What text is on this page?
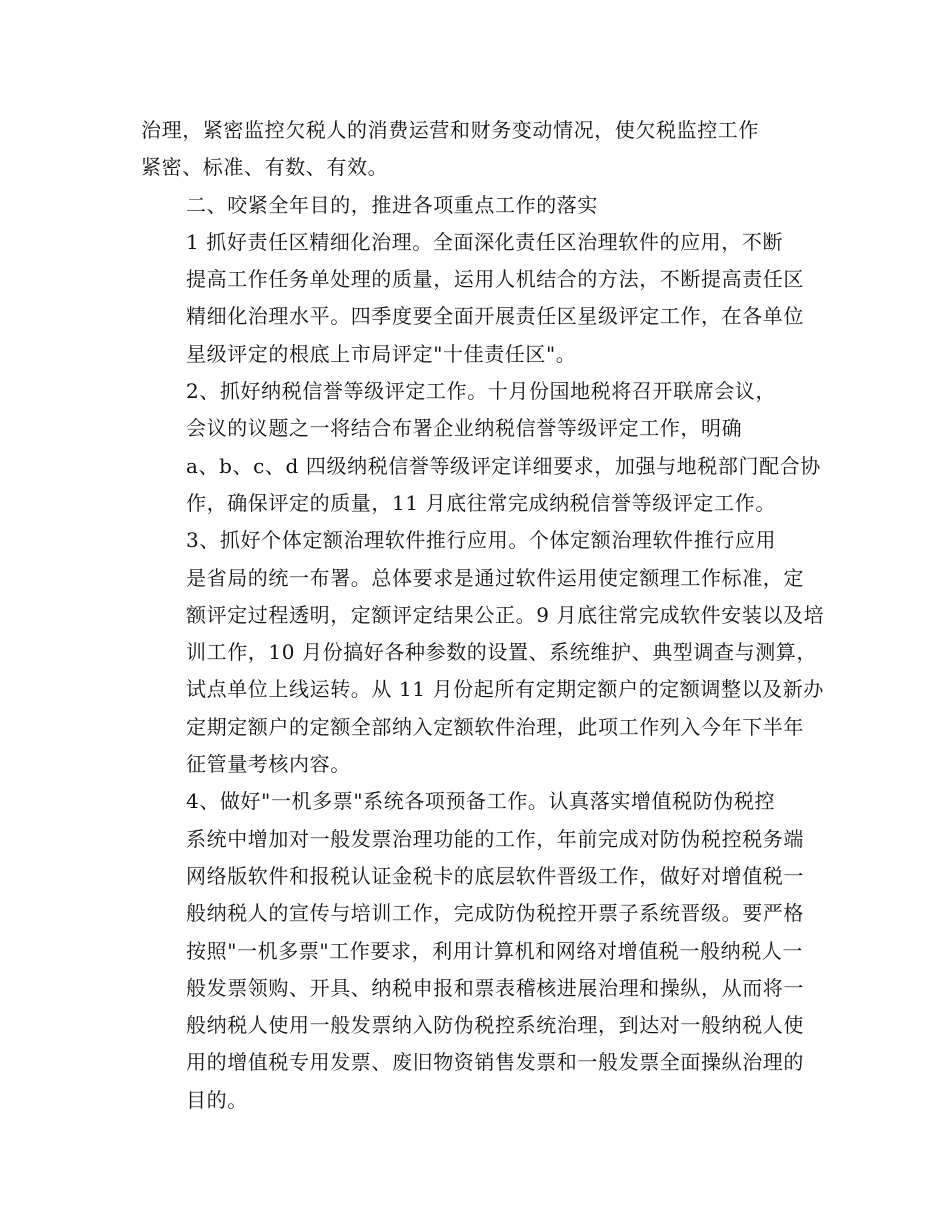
治理，紧密监控欠税人的消费运营和财务变动情况，使欠税监控工作
紧密、标准、有数、有效。

二、咬紧全年目的，推进各项重点工作的落实

1 抓好责任区精细化治理。全面深化责任区治理软件的应用，不断
提高工作任务单处理的质量，运用人机结合的方法，不断提高责任区
精细化治理水平。四季度要全面开展责任区星级评定工作，在各单位
星级评定的根底上市局评定"十佳责任区"。

2、抓好纳税信誉等级评定工作。十月份国地税将召开联席会议，
会议的议题之一将结合布署企业纳税信誉等级评定工作，明确
a、b、c、d 四级纳税信誉等级评定详细要求，加强与地税部门配合协
作，确保评定的质量，11 月底往常完成纳税信誉等级评定工作。

3、抓好个体定额治理软件推行应用。个体定额治理软件推行应用
是省局的统一布署。总体要求是通过软件运用使定额理工作标准，定
额评定过程透明，定额评定结果公正。9 月底往常完成软件安装以及培
训工作，10 月份搞好各种参数的设置、系统维护、典型调查与测算，
试点单位上线运转。从 11 月份起所有定期定额户的定额调整以及新办
定期定额户的定额全部纳入定额软件治理，此项工作列入今年下半年
征管量考核内容。

4、做好"一机多票"系统各项预备工作。认真落实增值税防伪税控
系统中增加对一般发票治理功能的工作，年前完成对防伪税控税务端
网络版软件和报税认证金税卡的底层软件晋级工作，做好对增值税一
般纳税人的宣传与培训工作，完成防伪税控开票子系统晋级。要严格
按照"一机多票"工作要求，利用计算机和网络对增值税一般纳税人一
般发票领购、开具、纳税申报和票表稽核进展治理和操纵，从而将一
般纳税人使用一般发票纳入防伪税控系统治理，到达对一般纳税人使
用的增值税专用发票、废旧物资销售发票和一般发票全面操纵治理的
目的。
